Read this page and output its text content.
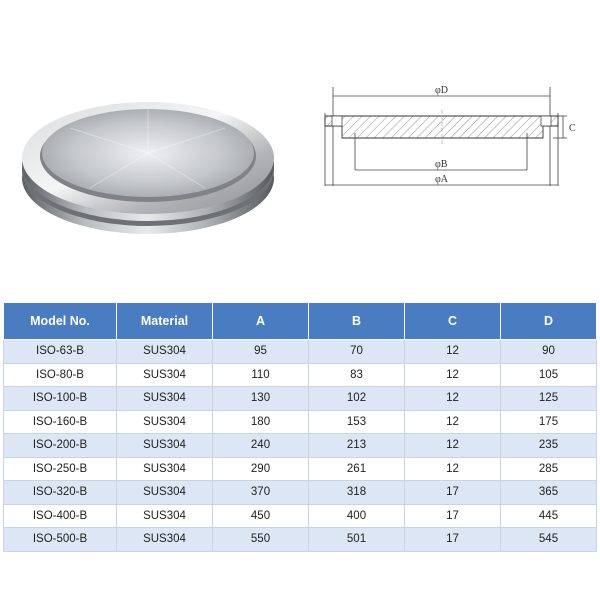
φD
φB
φA
C
Model No.	Material	A	B	C	D
ISO-63-B	SUS304	95	70	12	90
ISO-80-B	SUS304	110	83	12	105
ISO-100-B	SUS304	130	102	12	125
ISO-160-B	SUS304	180	153	12	175
ISO-200-B	SUS304	240	213	12	235
ISO-250-B	SUS304	290	261	12	285
ISO-320-B	SUS304	370	318	17	365
ISO-400-B	SUS304	450	400	17	445
ISO-500-B	SUS304	550	501	17	545
